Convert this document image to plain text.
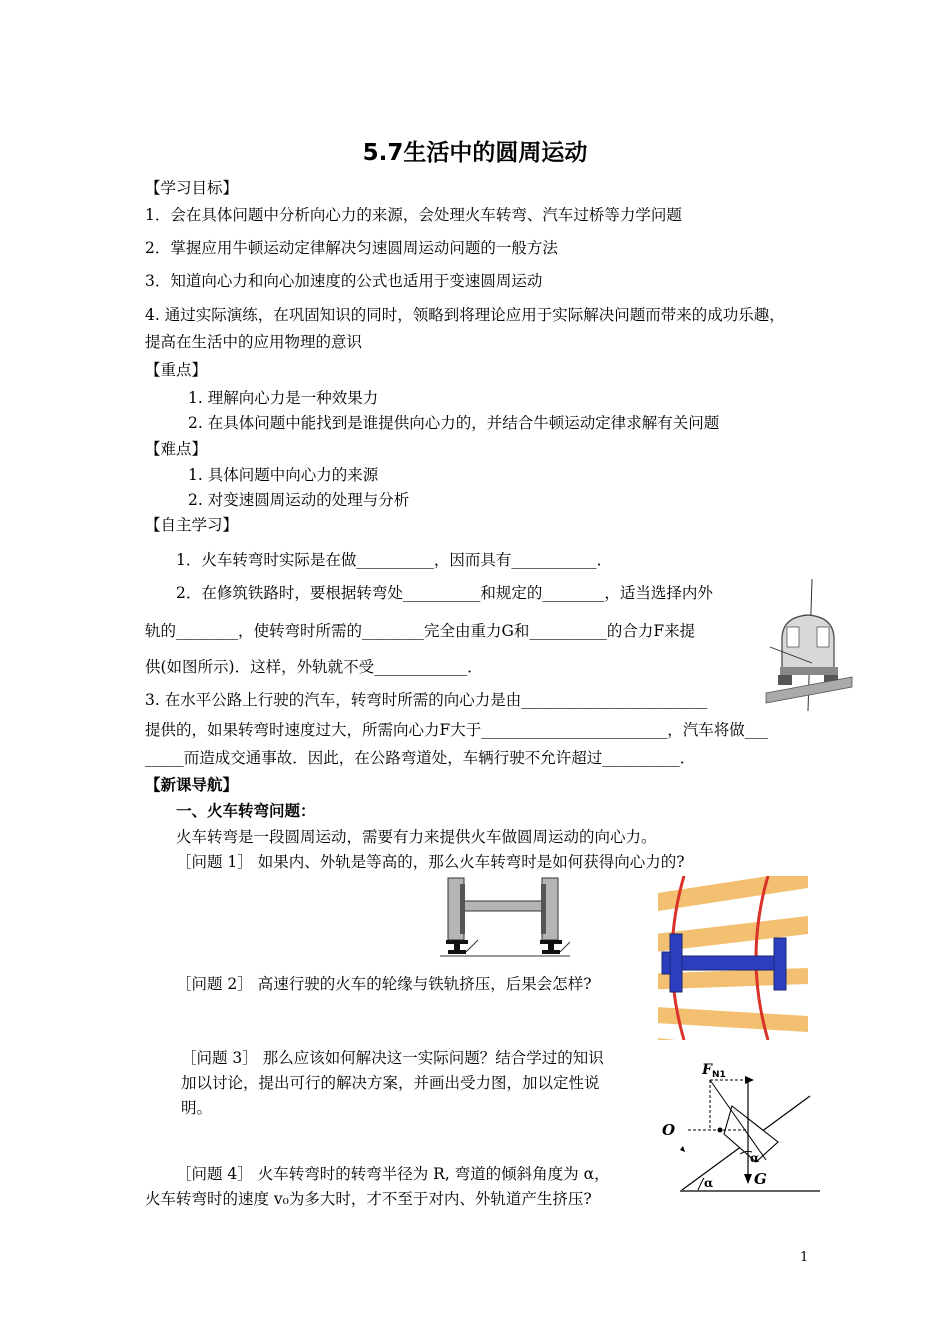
5.7生活中的圆周运动
【学习目标】
1．会在具体问题中分析向心力的来源，会处理火车转弯、汽车过桥等力学问题
2．掌握应用牛顿运动定律解决匀速圆周运动问题的一般方法
3．知道向心力和向心加速度的公式也适用于变速圆周运动
4. 通过实际演练，在巩固知识的同时，领略到将理论应用于实际解决问题而带来的成功乐趣，
提高在生活中的应用物理的意识
【重点】
1. 理解向心力是一种效果力
2. 在具体问题中能找到是谁提供向心力的，并结合牛顿运动定律求解有关问题
【难点】
1. 具体问题中向心力的来源
2. 对变速圆周运动的处理与分析
【自主学习】
1．火车转弯时实际是在做__________，因而具有___________．
2．在修筑铁路时，要根据转弯处__________和规定的________，适当选择内外
轨的________，使转弯时所需的________完全由重力G和__________的合力F来提
供(如图所示)．这样，外轨就不受____________．
3. 在水平公路上行驶的汽车，转弯时所需的向心力是由________________________
提供的，如果转弯时速度过大，所需向心力F大于________________________，汽车将做___
_____而造成交通事故．因此，在公路弯道处，车辆行驶不允许超过__________．
【新课导航】
一、火车转弯问题：
火车转弯是一段圆周运动，需要有力来提供火车做圆周运动的向心力。
［问题 1］ 如果内、外轨是等高的，那么火车转弯时是如何获得向心力的?
［问题 2］ 高速行驶的火车的轮缘与铁轨挤压，后果会怎样?
［问题 3］ 那么应该如何解决这一实际问题？结合学过的知识
加以讨论，提出可行的解决方案，并画出受力图，加以定性说
明。
［问题 4］ 火车转弯时的转弯半径为 R, 弯道的倾斜角度为 α，
火车转弯时的速度 v₀为多大时，才不至于对内、外轨道产生挤压?
F N1
O
α
G
α
1
